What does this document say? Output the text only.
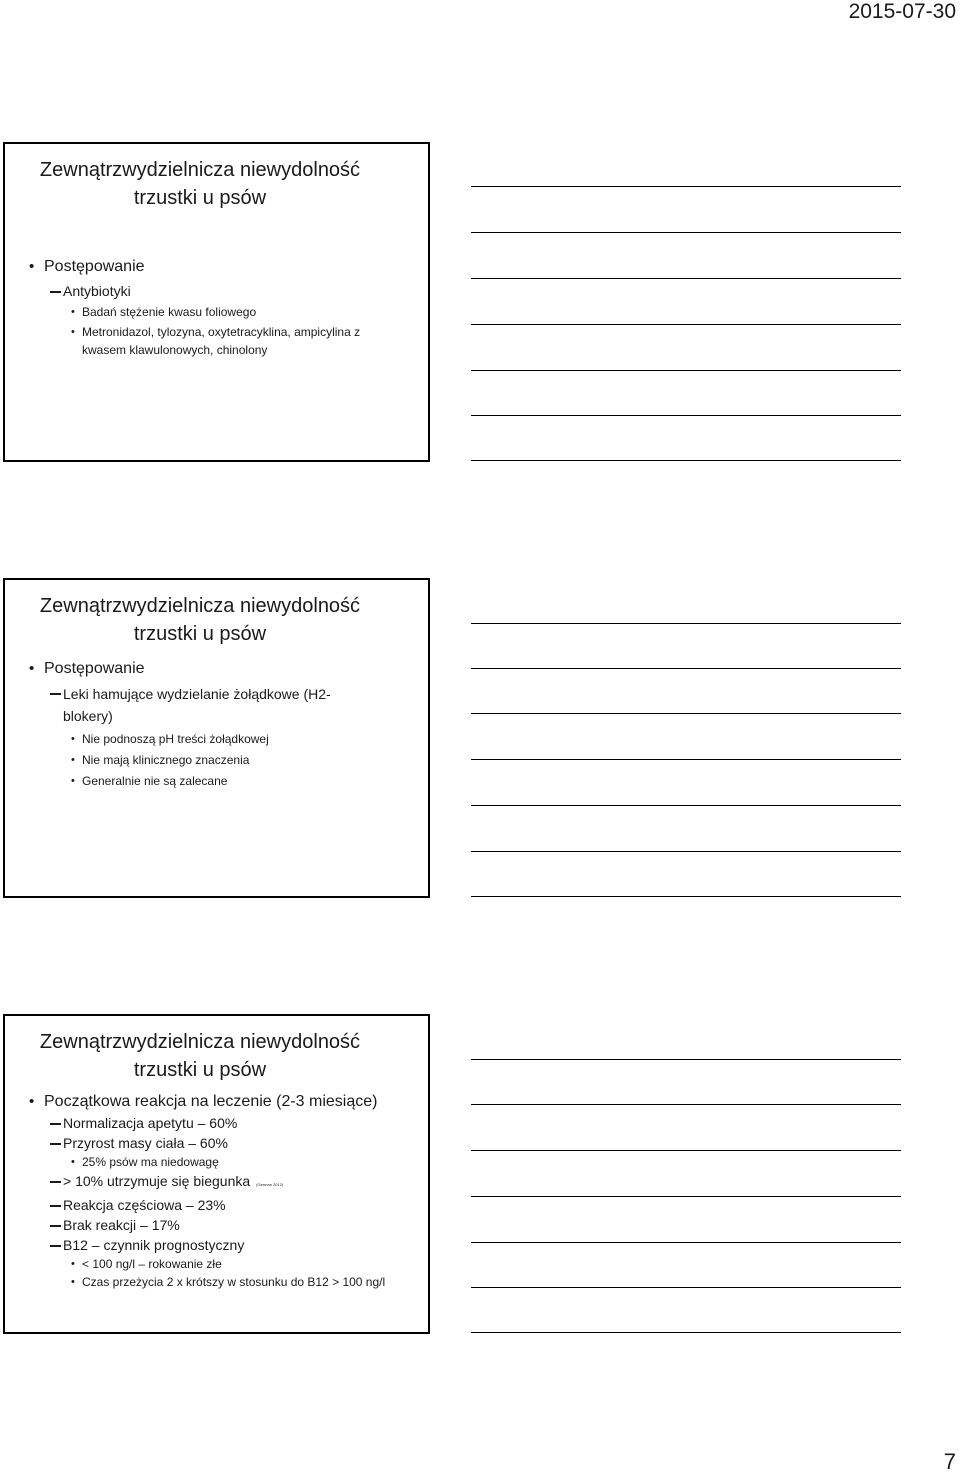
2015-07-30
Zewnątrzwydzielnicza niewydolność
trzustki u psów
• Postępowanie
Antybiotyki
• Badań stężenie kwasu foliowego
• Metronidazol, tylozyna, oxytetracyklina, ampicylina z kwasem klawulonowych, chinolony
Zewnątrzwydzielnicza niewydolność
trzustki u psów
• Postępowanie
Leki hamujące wydzielanie żołądkowe (H2-blokery)
• Nie podnoszą pH treści żołądkowej
• Nie mają klinicznego znaczenia
• Generalnie nie są zalecane
Zewnątrzwydzielnicza niewydolność
trzustki u psów
• Początkowa reakcja na leczenie (2-3 miesiące)
Normalizacja apetytu – 60%
Przyrost masy ciała – 60%
• 25% psów ma niedowagę
> 10% utrzymuje się biegunka (German 2012)
Reakcja częściowa – 23%
Brak reakcji – 17%
B12 – czynnik prognostyczny
• < 100 ng/l – rokowanie złe
• Czas przeżycia 2 x krótszy w stosunku do B12 > 100 ng/l
7
